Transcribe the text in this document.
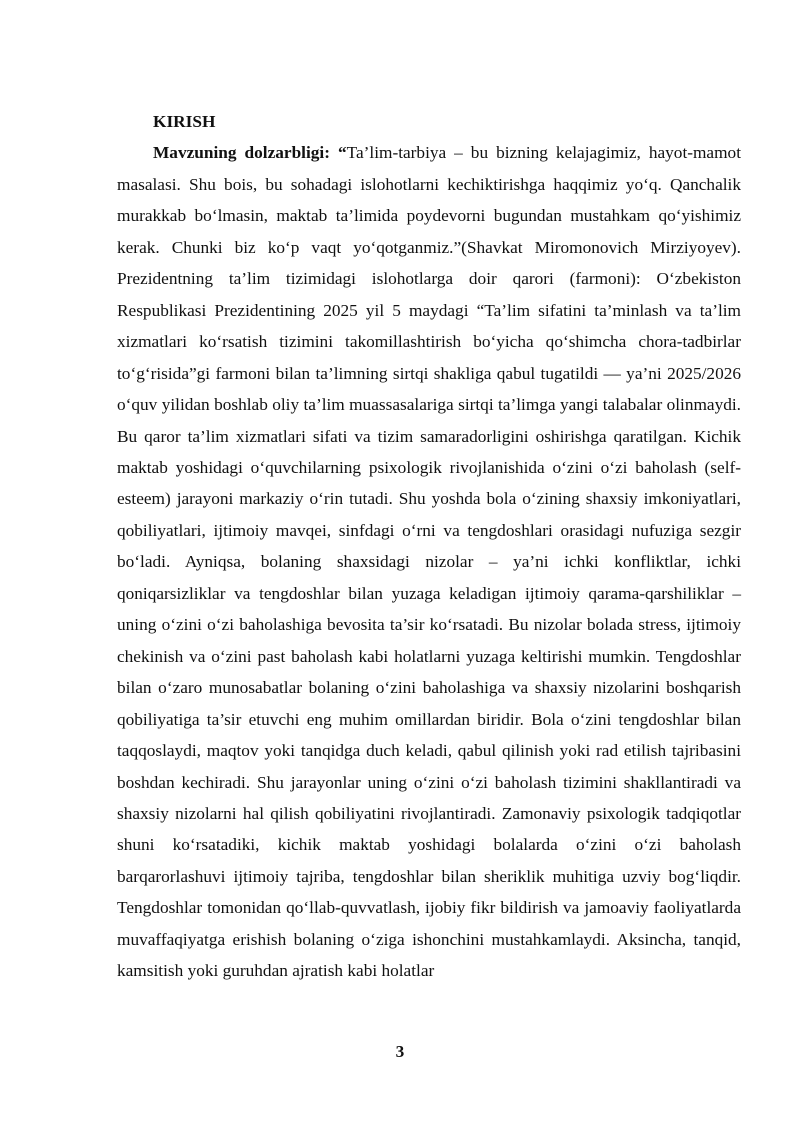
KIRISH

Mavzuning dolzarbligi: “Ta’lim-tarbiya – bu bizning kelajagimiz, hayot-mamot masalasi. Shu bois, bu sohadagi islohotlarni kechiktirishga haqqimiz yo‘q. Qanchalik murakkab bo‘lmasin, maktab ta’limida poydevorni bugundan mustahkam qo‘yishimiz kerak. Chunki biz ko‘p vaqt yo‘qotganmiz.”(Shavkat Miromonovich Mirziyoyev). Prezidentning ta’lim tizimidagi islohotlarga doir qarori (farmoni): O‘zbekiston Respublikasi Prezidentining 2025 yil 5 maydagi “Ta’lim sifatini ta’minlash va ta’lim xizmatlari ko‘rsatish tizimini takomillashtirish bo‘yicha qo‘shimcha chora-tadbirlar to‘g‘risida”gi farmoni bilan ta’limning sirtqi shakliga qabul tugatildi — ya’ni 2025/2026 o‘quv yilidan boshlab oliy ta’lim muassasalariga sirtqi ta’limga yangi talabalar olinmaydi. Bu qaror ta’lim xizmatlari sifati va tizim samaradorligini oshirishga qaratilgan. Kichik maktab yoshidagi o‘quvchilarning psixologik rivojlanishida o‘zini o‘zi baholash (self-esteem) jarayoni markaziy o‘rin tutadi. Shu yoshda bola o‘zining shaxsiy imkoniyatlari, qobiliyatlari, ijtimoiy mavqei, sinfdagi o‘rni va tengdoshlari orasidagi nufuziga sezgir bo‘ladi. Ayniqsa, bolaning shaxsidagi nizolar – ya’ni ichki konfliktlar, ichki qoniqarsizliklar va tengdoshlar bilan yuzaga keladigan ijtimoiy qarama-qarshiliklar – uning o‘zini o‘zi baholashiga bevosita ta’sir ko‘rsatadi. Bu nizolar bolada stress, ijtimoiy chekinish va o‘zini past baholash kabi holatlarni yuzaga keltirishi mumkin. Tengdoshlar bilan o‘zaro munosabatlar bolaning o‘zini baholashiga va shaxsiy nizolarini boshqarish qobiliyatiga ta’sir etuvchi eng muhim omillardan biridir. Bola o‘zini tengdoshlar bilan taqqoslaydi, maqtov yoki tanqidga duch keladi, qabul qilinish yoki rad etilish tajribasini boshdan kechiradi. Shu jarayonlar uning o‘zini o‘zi baholash tizimini shakllantiradi va shaxsiy nizolarni hal qilish qobiliyatini rivojlantiradi. Zamonaviy psixologik tadqiqotlar shuni ko‘rsatadiki, kichik maktab yoshidagi bolalarda o‘zini o‘zi baholash barqarorlashuvi ijtimoiy tajriba, tengdoshlar bilan sheriklik muhitiga uzviy bog‘liqdir. Tengdoshlar tomonidan qo‘llab-quvvatlash, ijobiy fikr bildirish va jamoaviy faoliyatlarda muvaffaqiyatga erishish bolaning o‘ziga ishonchini mustahkamlaydi. Aksincha, tanqid, kamsitish yoki guruhdan ajratish kabi holatlar

3
